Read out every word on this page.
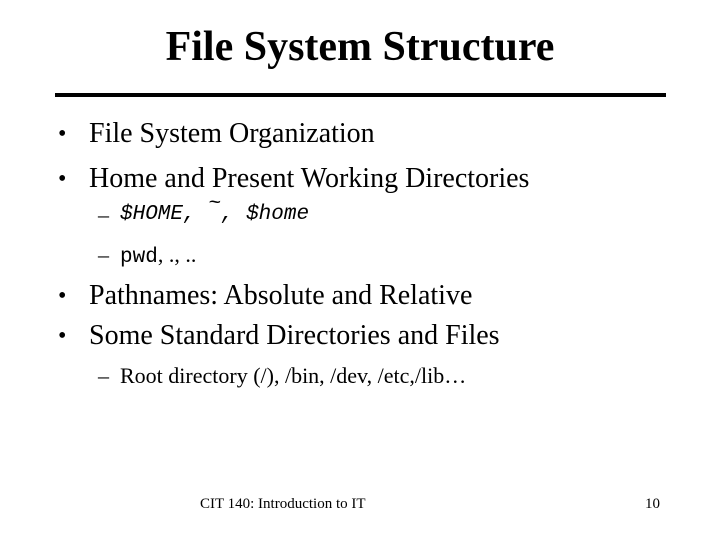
File System Structure
• File System Organization
• Home and Present Working Directories
– $HOME, ~, $home
– pwd, ., ..
• Pathnames: Absolute and Relative
• Some Standard Directories and Files
– Root directory (/), /bin, /dev, /etc,/lib…
CIT 140: Introduction to IT	10
